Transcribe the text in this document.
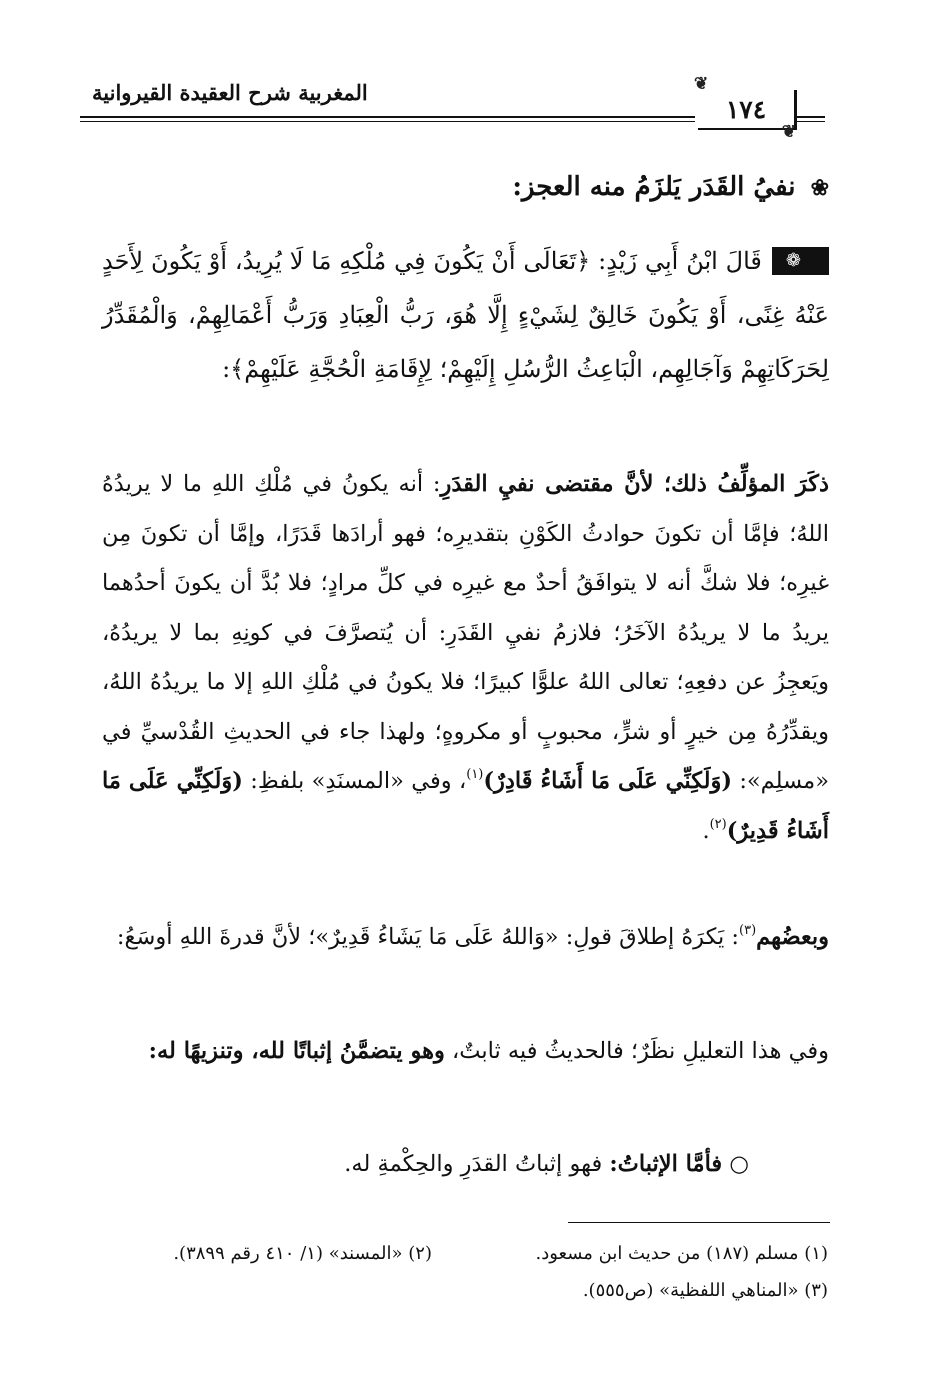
المغربية شرح العقيدة القيروانية	❦
١٧٤
❦
❀ نفيُ القَدَر يَلزَمُ منه العجز:
❁قَالَ ابْنُ أَبِي زَيْدٍ: ﴿تَعَالَى أَنْ يَكُونَ فِي مُلْكِهِ مَا لَا يُرِيدُ، أَوْ يَكُونَ لِأَحَدٍ عَنْهُ غِنًى، أَوْ يَكُونَ خَالِقٌ لِشَيْءٍ إِلَّا هُوَ، رَبُّ الْعِبَادِ وَرَبُّ أَعْمَالِهِمْ، وَالْمُقَدِّرُ لِحَرَكَاتِهِمْ وَآجَالِهِم، الْبَاعِثُ الرُّسُلِ إِلَيْهِمْ؛ لِإِقَامَةِ الْحُجَّةِ عَلَيْهِمْ﴾:
ذكَرَ المؤلِّفُ ذلك؛ لأنَّ مقتضى نفيِ القدَرِ: أنه يكونُ في مُلْكِ اللهِ ما لا يريدُهُ اللهُ؛ فإمَّا أن تكونَ حوادثُ الكَوْنِ بتقديرِه؛ فهو أرادَها قَدَرًا، وإمَّا أن تكونَ مِن غيرِه؛ فلا شكَّ أنه لا يتوافَقُ أحدٌ مع غيرِه في كلِّ مرادٍ؛ فلا بُدَّ أن يكونَ أحدُهما يريدُ ما لا يريدُهُ الآخَرُ؛ فلازمُ نفيِ القَدَرِ: أن يُتصرَّفَ في كونِهِ بما لا يريدُهُ، ويَعجِزُ عن دفعِهِ؛ تعالى اللهُ علوًّا كبيرًا؛ فلا يكونُ في مُلْكِ اللهِ إلا ما يريدُهُ اللهُ، ويقدِّرُهُ مِن خيرٍ أو شرٍّ، محبوبٍ أو مكروهٍ؛ ولهذا جاء في الحديثِ القُدْسيِّ في «مسلِم»: (وَلَكِنِّي عَلَى مَا أَشَاءُ قَادِرٌ)$^{(١)}$، وفي «المسنَدِ» بلفظِ: (وَلَكِنِّي عَلَى مَا أَشَاءُ قَدِيرٌ)$^{(٢)}$.
وبعضُهم$^{(٣)}$: يَكرَهُ إطلاقَ قولِ: «وَاللهُ عَلَى مَا يَشَاءُ قَدِيرٌ»؛ لأنَّ قدرةَ اللهِ أوسَعُ:
وفي هذا التعليلِ نظَرٌ؛ فالحديثُ فيه ثابتٌ، وهو يتضمَّنُ إثباتًا لله، وتنزيهًا له:
○ فأمَّا الإثباتُ: فهو إثباتُ القدَرِ والحِكْمةِ له.
(١) مسلم (١٨٧) من حديث ابن مسعود.
(٢) «المسند» (١/ ٤١٠ رقم ٣٨٩٩).
(٣) «المناهي اللفظية» (ص٥٥٥).
